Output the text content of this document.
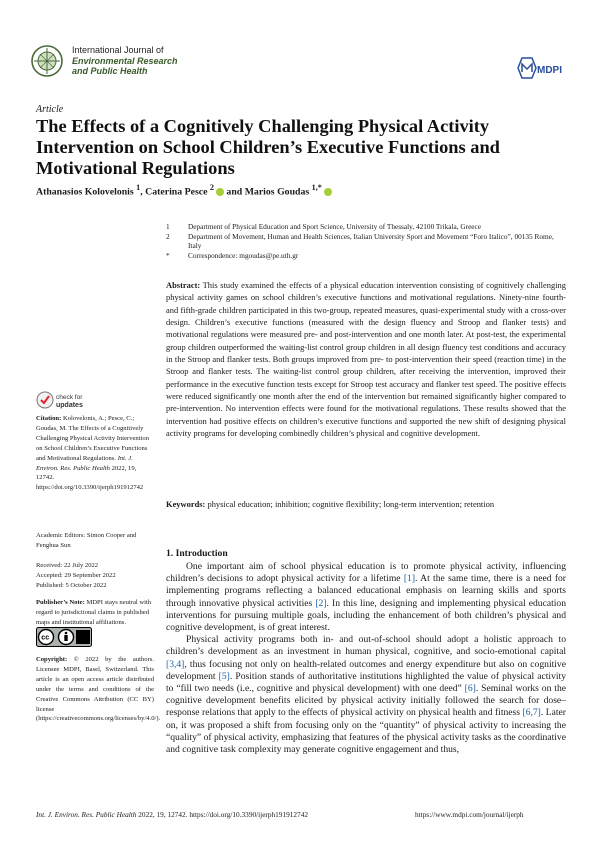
International Journal of
Environmental Research
and Public Health	MDPI
Article
The Effects of a Cognitively Challenging Physical Activity Intervention on School Children’s Executive Functions and Motivational Regulations
Athanasios Kolovelonis $^1$, Caterina Pesce $^2$ and Marios Goudas $^{1,*}$
1	Department of Physical Education and Sport Science, University of Thessaly, 42100 Trikala, Greece
2	Department of Movement, Human and Health Sciences, Italian University Sport and Movement “Foro Italico”, 00135 Rome, Italy
*	Correspondence: mgoudas@pe.uth.gr
Abstract: This study examined the effects of a physical education intervention consisting of cognitively challenging physical activity games on school children’s executive functions and motivational regulations. Ninety-nine fourth- and fifth-grade children participated in this two-group, repeated measures, quasi-experimental study with a cross-over design. Children’s executive functions (measured with the design fluency and Stroop and flanker tests) and motivational regulations were measured pre- and post-intervention and one month later. At post-test, the experimental group children outperformed the waiting-list control group children in all design fluency test conditions and accuracy in the Stroop and flanker tests. Both groups improved from pre- to post-intervention their speed (reaction time) in the Stroop and flanker tests. The waiting-list control group children, after receiving the intervention, improved their performance in the executive function tests except for Stroop test accuracy and flanker test speed. The positive effects were reduced significantly one month after the end of the intervention but remained significantly higher compared to pre-intervention. No intervention effects were found for the motivational regulations. These results showed that the intervention had positive effects on children’s executive functions and supported the new shift of designing physical activity programs for developing combinedly children’s physical and cognitive development.
Keywords: physical education; inhibition; cognitive flexibility; long-term intervention; retention
1. Introduction

One important aim of school physical education is to promote physical activity, influencing children’s decisions to adopt physical activity for a lifetime [1]. At the same time, there is a need for implementing programs reflecting a balanced educational emphasis on learning skills and sports through innovative physical activities [2]. In this line, designing and implementing physical education interventions for pursuing multiple goals, including the enhancement of both children’s physical and cognitive development, is of great interest.

Physical activity programs both in- and out-of-school should adopt a holistic approach to children’s development as an investment in human physical, cognitive, and socio-emotional capital [3,4], thus focusing not only on health-related outcomes and energy expenditure but also on cognitive development [5]. Position stands of authoritative institutions highlighted the value of physical activity to “fill two needs (i.e., cognitive and physical development) with one deed” [6]. Seminal works on the cognitive development benefits elicited by physical activity initially followed the search for dose–response relations that apply to the effects of physical activity on physical health and fitness [6,7]. Later on, it was proposed a shift from focusing only on the “quantity” of physical activity to increasing the “quality” of physical activity, emphasizing that features of the physical activity tasks as the coordinative and cognitive task complexity may generate cognitive engagement and thus,

check for
updates
Citation: Kolovelonis, A.; Pesce, C.; Goudas, M. The Effects of a Cognitively Challenging Physical Activity Intervention on School Children’s Executive Functions and Motivational Regulations. Int. J. Environ. Res. Public Health 2022, 19, 12742. https://doi.org/10.3390/ijerph191912742
Academic Editors: Simon Cooper and Fenghua Sun
Received: 22 July 2022
Accepted: 29 September 2022
Published: 5 October 2022
Publisher’s Note: MDPI stays neutral with regard to jurisdictional claims in published maps and institutional affiliations.
cc
Copyright: © 2022 by the authors. Licensee MDPI, Basel, Switzerland. This article is an open access article distributed under the terms and conditions of the Creative Commons Attribution (CC BY) license (https://creativecommons.org/licenses/by/4.0/).
Int. J. Environ. Res. Public Health 2022, 19, 12742. https://doi.org/10.3390/ijerph191912742	https://www.mdpi.com/journal/ijerph
